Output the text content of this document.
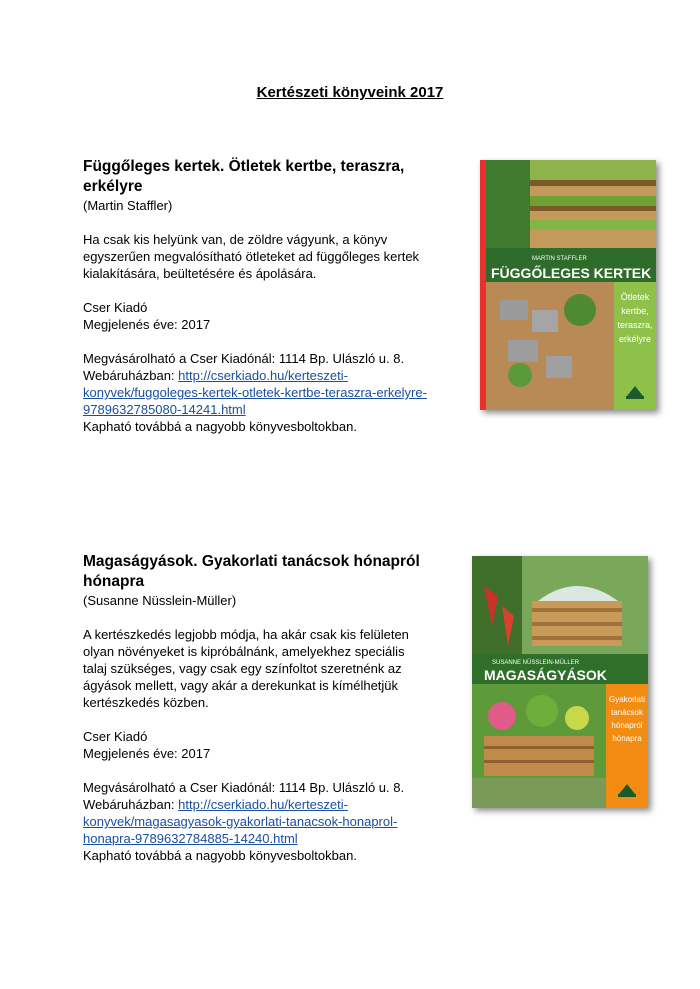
Kertészeti könyveink 2017

Függőleges kertek. Ötletek kertbe, teraszra,

erkélyre

(Martin Staffler)

Ha csak kis helyünk van, de zöldre vágyunk, a könyv

egyszerűen megvalósítható ötleteket ad függőleges kertek

kialakítására, beültetésére és ápolására.

Cser Kiadó

Megjelenés éve: 2017

Megvásárolható a Cser Kiadónál: 1114 Bp. Ulászló u. 8.

Webáruházban: http://cserkiado.hu/kerteszeti-

konyvek/fuggoleges-kertek-otletek-kertbe-teraszra-erkelyre-

9789632785080-14241.html

Kapható továbbá a nagyobb könyvesboltokban.

MARTIN STAFFLER
FÜGGŐLEGES KERTEK
Ötletek
kertbe,
teraszra,
erkélyre

Magaságyások. Gyakorlati tanácsok hónapról

hónapra

(Susanne Nüsslein-Müller)

A kertészkedés legjobb módja, ha akár csak kis felületen

olyan növényeket is kipróbálnánk, amelyekhez speciális

talaj szükséges, vagy csak egy színfoltot szeretnénk az

ágyások mellett, vagy akár a derekunkat is kímélhetjük

kertészkedés közben.

Cser Kiadó

Megjelenés éve: 2017

Megvásárolható a Cser Kiadónál: 1114 Bp. Ulászló u. 8.

Webáruházban: http://cserkiado.hu/kerteszeti-

konyvek/magasagyasok-gyakorlati-tanacsok-honaprol-

honapra-9789632784885-14240.html

Kapható továbbá a nagyobb könyvesboltokban.

SUSANNE NÜSSLEIN-MÜLLER
MAGASÁGYÁSOK
Gyakorlati
tanácsok
hónapról
hónapra
